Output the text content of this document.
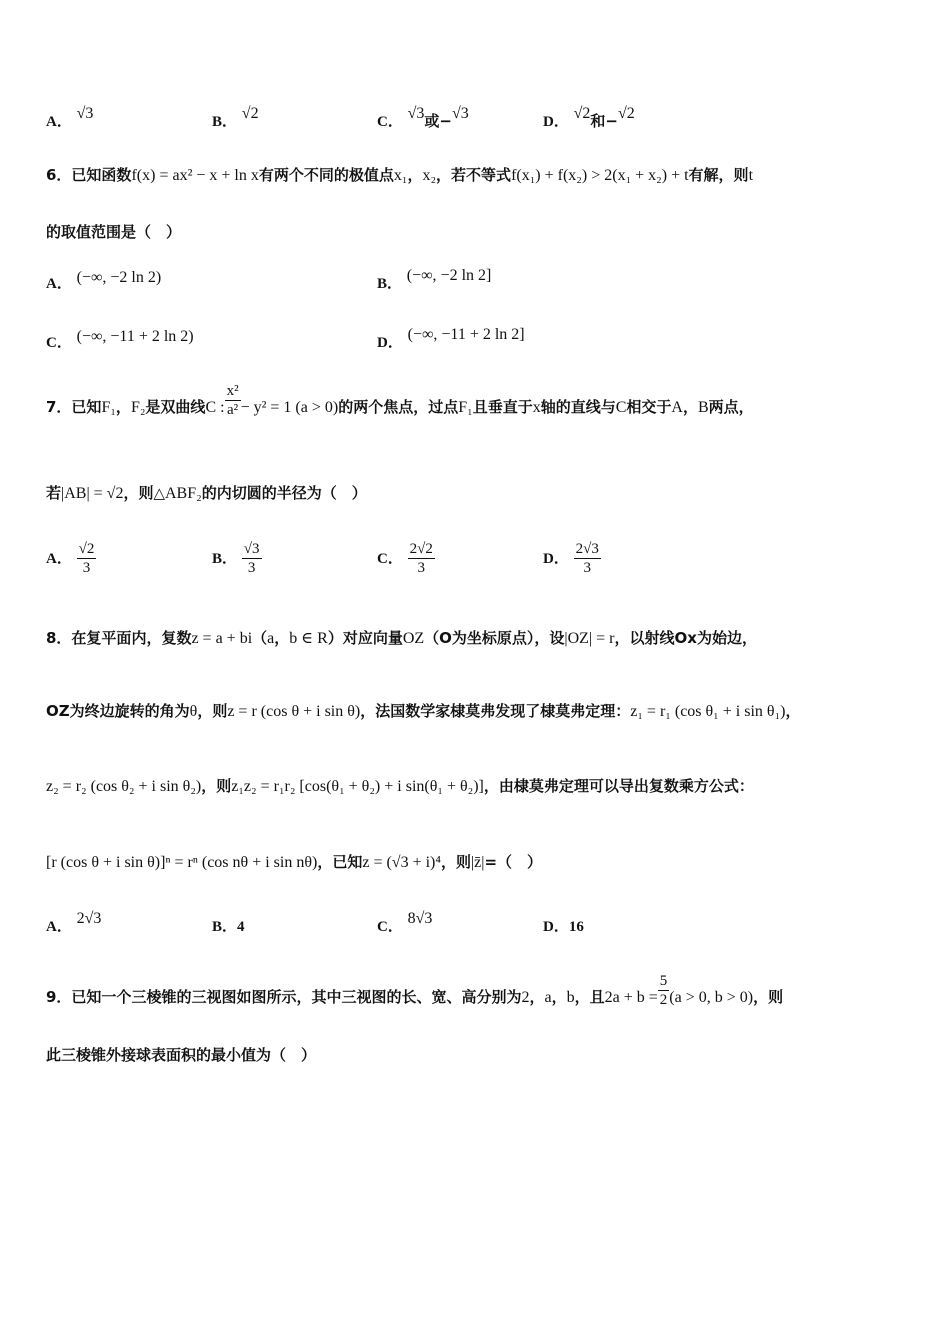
A． √3	B． √2	C． √3或−√3	D． √2和−√2
6．已知函数f(x) = ax² − x + ln x有两个不同的极值点x₁，x₂，若不等式f(x₁) + f(x₂) > 2(x₁ + x₂) + t有解，则t
的取值范围是（　）
A． (−∞, −2 ln 2)	B． (−∞, −2 ln 2]
C． (−∞, −11 + 2 ln 2)	D． (−∞, −11 + 2 ln 2]
7．已知F₁，F₂是双曲线C : $\frac{\text{x²}}{\text{a²}} - y^2 = 1$ (a > 0)的两个焦点，过点F₁且垂直于x轴的直线与C相交于A，B两点，
若|AB| = √2，则△ABF₂的内切圆的半径为（　）
A． $\frac{√2}{3}$	B． $\frac{√3}{3}$	C． $\frac{2√2}{3}$	D． $\frac{2√3}{3}$
8．在复平面内，复数z = a + bi（a，b ∈ R）对应向量OZ（O为坐标原点），设|OZ| = r，以射线Ox为始边，
OZ为终边旋转的角为θ，则z = r (cos θ + i sin θ)，法国数学家棣莫弗发现了棣莫弗定理：z₁ = r₁ (cos θ₁ + i sin θ₁)，
z₂ = r₂ (cos θ₂ + i sin θ₂)，则z₁z₂ = r₁r₂ [cos(θ₁ + θ₂) + i sin(θ₁ + θ₂)]，由棣莫弗定理可以导出复数乘方公式：
[r (cos θ + i sin θ)]ⁿ = rⁿ (cos nθ + i sin nθ)，已知z = (√3 + i)⁴，则|z̄|=（　）
A． 2√3	B．4	C． 8√3	D．16
9．已知一个三棱锥的三视图如图所示，其中三视图的长、宽、高分别为2，a，b，且$2a + b = \frac{5}{2} (a > 0$, b > 0)，则
此三棱锥外接球表面积的最小值为（　）
